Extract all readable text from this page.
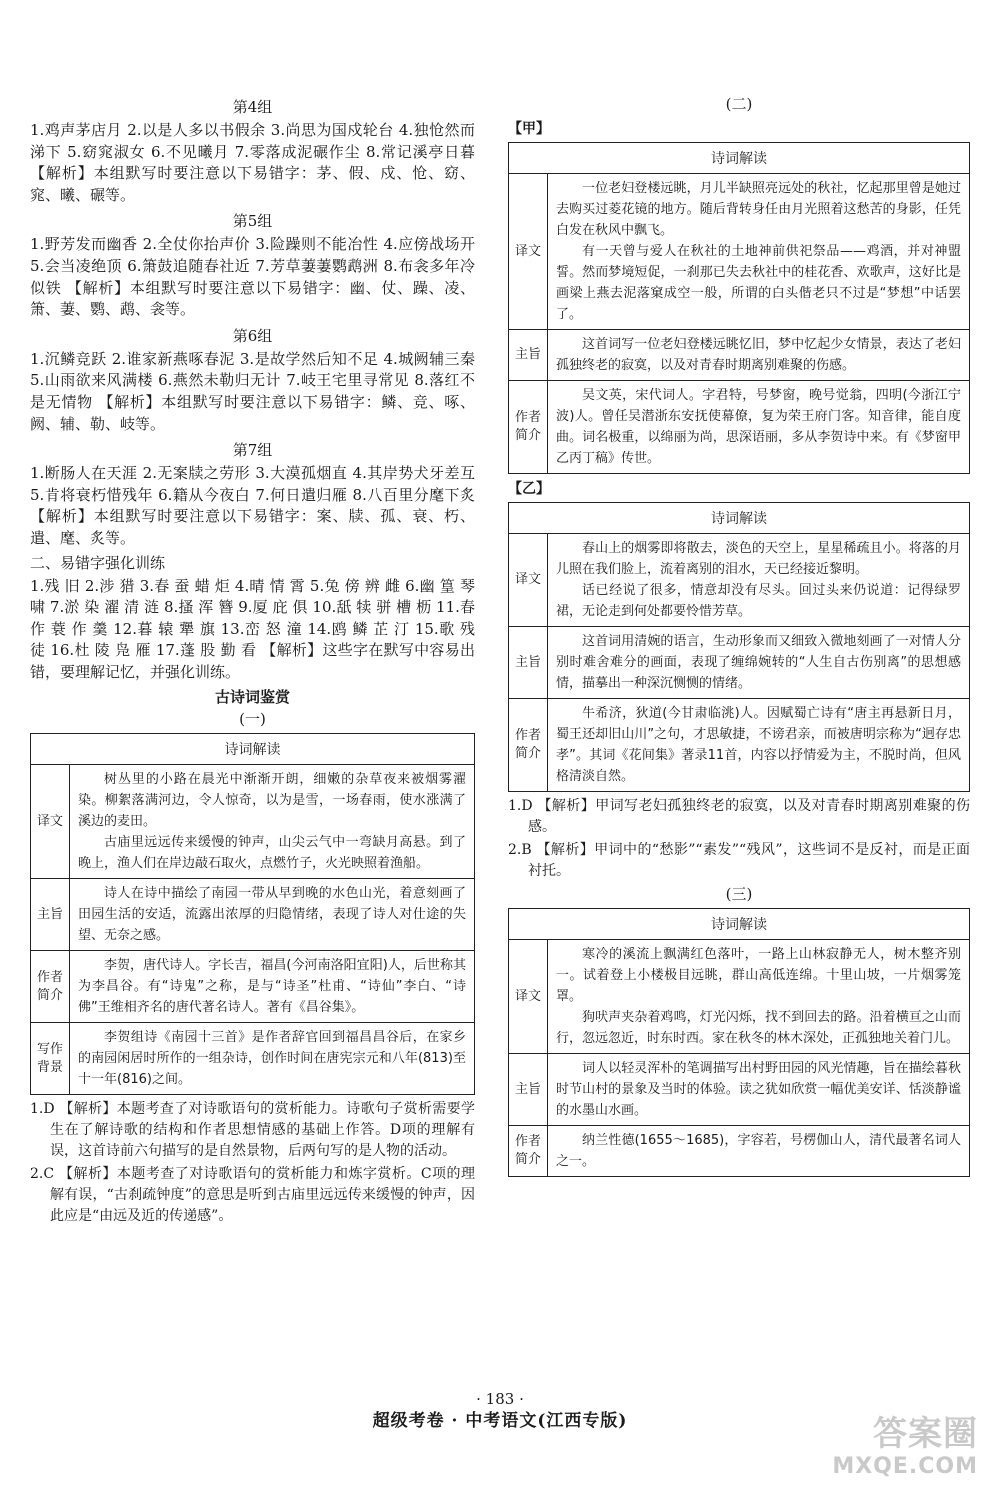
第4组

1.鸡声茅店月 2.以是人多以书假余 3.尚思为国戍轮台 4.独怆然而涕下 5.窈窕淑女 6.不见曦月 7.零落成泥碾作尘 8.常记溪亭日暮 【解析】本组默写时要注意以下易错字：茅、假、戍、怆、窈、窕、曦、碾等。

第5组

1.野芳发而幽香 2.全仗你抬声价 3.险躁则不能冶性 4.应傍战场开 5.会当凌绝顶 6.箫鼓追随春社近 7.芳草萋萋鹦鹉洲 8.布衾多年冷似铁 【解析】本组默写时要注意以下易错字：幽、仗、躁、凌、箫、萋、鹦、鹉、衾等。

第6组

1.沉鳞竞跃 2.谁家新燕啄春泥 3.是故学然后知不足 4.城阙辅三秦 5.山雨欲来风满楼 6.燕然未勒归无计 7.岐王宅里寻常见 8.落红不是无情物 【解析】本组默写时要注意以下易错字：鳞、竞、啄、阙、辅、勒、岐等。

第7组

1.断肠人在天涯 2.无案牍之劳形 3.大漠孤烟直 4.其岸势犬牙差互 5.肯将衰朽惜残年 6.籍从今夜白 7.何日遣归雁 8.八百里分麾下炙 【解析】本组默写时要注意以下易错字：案、牍、孤、衰、朽、遣、麾、炙等。

二、易错字强化训练

1.残 旧 2.涉 猎 3.春 蚕 蜡 炬 4.晴 情 霄 5.兔 傍 辨 雌 6.幽 篁 琴 啸 7.淤 染 濯 清 涟 8.搔 浑 簪 9.厦 庇 俱 10.舐 犊 骈 槽 枥 11.春 作 蓑 作 羹 12.暮 辕 犟 旗 13.峦 怒 潼 14.鸥 鳞 芷 汀 15.歌 残 徒 16.杜 陵 凫 雁 17.蓬 股 勤 看 【解析】这些字在默写中容易出错，要理解记忆，并强化训练。

古诗词鉴赏
(一)
诗词解读	
译文	树丛里的小路在晨光中渐渐开朗，细嫩的杂草夜来被烟雾濯染。柳絮落满河边，令人惊奇，以为是雪，一场春雨，使水涨满了溪边的麦田。

古庙里远远传来缓慢的钟声，山尖云气中一弯缺月高悬。到了晚上，渔人们在岸边敲石取火，点燃竹子，火光映照着渔船。

主旨	诗人在诗中描绘了南园一带从早到晚的水色山光，着意刻画了田园生活的安适，流露出浓厚的归隐情绪，表现了诗人对仕途的失望、无奈之感。

作者简介	李贺，唐代诗人。字长吉，福昌(今河南洛阳宜阳)人，后世称其为李昌谷。有“诗鬼”之称，是与“诗圣”杜甫、“诗仙”李白、“诗佛”王维相齐名的唐代著名诗人。著有《昌谷集》。

写作背景	李贺组诗《南园十三首》是作者辞官回到福昌昌谷后，在家乡的南园闲居时所作的一组杂诗，创作时间在唐宪宗元和八年(813)至十一年(816)之间。

1.D 【解析】本题考查了对诗歌语句的赏析能力。诗歌句子赏析需要学生在了解诗歌的结构和作者思想情感的基础上作答。D项的理解有误，这首诗前六句描写的是自然景物，后两句写的是人物的活动。

2.C 【解析】本题考查了对诗歌语句的赏析能力和炼字赏析。C项的理解有误，“古刹疏钟度”的意思是听到古庙里远远传来缓慢的钟声，因此应是“由远及近的传递感”。

(二)
【甲】
诗词解读	
译文	一位老妇登楼远眺，月儿半缺照亮远处的秋社，忆起那里曾是她过去购买过菱花镜的地方。随后背转身任由月光照着这愁苦的身影，任凭白发在秋风中飘飞。

有一天曾与爱人在秋社的土地神前供祀祭品——鸡酒，并对神盟誓。然而梦境短促，一刹那已失去秋社中的桂花香、欢歌声，这好比是画梁上燕去泥落窠成空一般，所谓的白头偕老只不过是“梦想”中话罢了。

主旨	这首词写一位老妇登楼远眺忆旧，梦中忆起少女情景，表达了老妇孤独终老的寂寞，以及对青春时期离别难聚的伤感。

作者简介	吴文英，宋代词人。字君特，号梦窗，晚号觉翁，四明(今浙江宁波)人。曾任吴潜浙东安抚使幕僚，复为荣王府门客。知音律，能自度曲。词名极重，以绵丽为尚，思深语丽，多从李贺诗中来。有《梦窗甲乙丙丁稿》传世。

【乙】
诗词解读	
译文	春山上的烟雾即将散去，淡色的天空上，星星稀疏且小。将落的月儿照在我们脸上，流着离别的泪水，天已经接近黎明。

话已经说了很多，情意却没有尽头。回过头来仍说道：记得绿罗裙，无论走到何处都要怜惜芳草。

主旨	这首词用清婉的语言，生动形象而又细致入微地刻画了一对情人分别时难舍难分的画面，表现了缠绵婉转的“人生自古伤别离”的思想感情，描摹出一种深沉恻恻的情绪。

作者简介	牛希济，狄道(今甘肃临洮)人。因赋蜀亡诗有“唐主再悬新日月，蜀王还却旧山川”之句，才思敏捷，不谤君亲，而被唐明宗称为“迥存忠孝”。其词《花间集》著录11首，内容以抒情爱为主，不脱时尚，但风格清淡自然。

1.D 【解析】甲词写老妇孤独终老的寂寞，以及对青春时期离别难聚的伤感。

2.B 【解析】甲词中的“愁影”“素发”“残风”，这些词不是反衬，而是正面衬托。

(三)
诗词解读	
译文	寒冷的溪流上飘满红色落叶，一路上山林寂静无人，树木整齐别一。试着登上小楼极目远眺，群山高低连绵。十里山坡，一片烟雾笼罩。

狗吠声夹杂着鸡鸣，灯光闪烁，找不到回去的路。沿着横亘之山而行，忽远忽近，时东时西。家在秋冬的林木深处，正孤独地关着门儿。

主旨	词人以轻灵浑朴的笔调描写出村野田园的风光情趣，旨在描绘暮秋时节山村的景象及当时的体验。读之犹如欣赏一幅优美安详、恬淡静谧的水墨山水画。

作者简介	纳兰性德(1655～1685)，字容若，号楞伽山人，清代最著名词人之一。

· 183 ·
超级考卷 · 中考语文(江西专版)	答案圈
MXQE.COM
